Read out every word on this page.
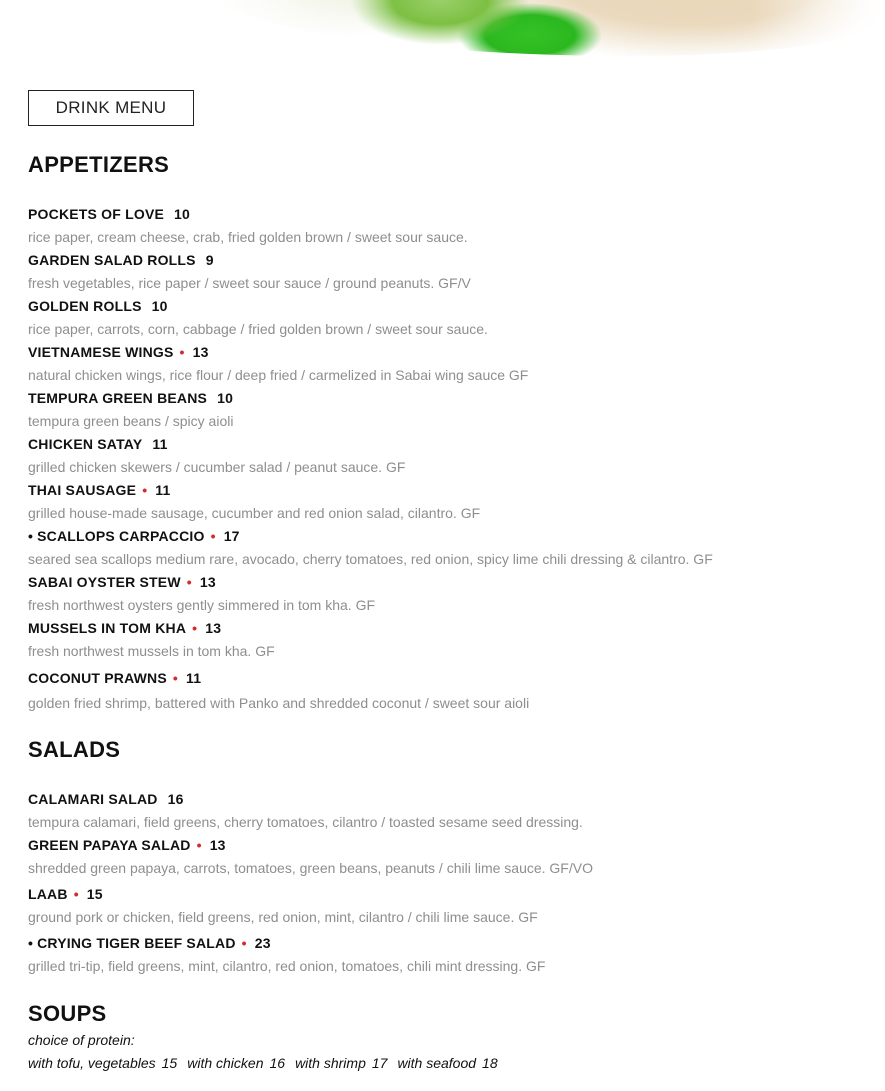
DRINK MENU
APPETIZERS
POCKETS OF LOVE 10
rice paper, cream cheese, crab, fried golden brown / sweet sour sauce.
GARDEN SALAD ROLLS 9
fresh vegetables, rice paper / sweet sour sauce / ground peanuts. GF/V
GOLDEN ROLLS 10
rice paper, carrots, corn, cabbage / fried golden brown / sweet sour sauce.
VIETNAMESE WINGS • 13
natural chicken wings, rice flour / deep fried / carmelized in Sabai wing sauce GF
TEMPURA GREEN BEANS 10
tempura green beans / spicy aioli
CHICKEN SATAY 11
grilled chicken skewers / cucumber salad / peanut sauce. GF
THAI SAUSAGE • 11
grilled house-made sausage, cucumber and red onion salad, cilantro. GF
• SCALLOPS CARPACCIO • 17
seared sea scallops medium rare, avocado, cherry tomatoes, red onion, spicy lime chili dressing & cilantro. GF
SABAI OYSTER STEW • 13
fresh northwest oysters gently simmered in tom kha. GF
MUSSELS IN TOM KHA • 13
fresh northwest mussels in tom kha. GF
COCONUT PRAWNS • 11
golden fried shrimp, battered with Panko and shredded coconut / sweet sour aioli
SALADS
CALAMARI SALAD 16
tempura calamari, field greens, cherry tomatoes, cilantro / toasted sesame seed dressing.
GREEN PAPAYA SALAD • 13
shredded green papaya, carrots, tomatoes, green beans, peanuts / chili lime sauce. GF/VO
LAAB • 15
ground pork or chicken, field greens, red onion, mint, cilantro / chili lime sauce. GF
• CRYING TIGER BEEF SALAD • 23
grilled tri-tip, field greens, mint, cilantro, red onion, tomatoes, chili mint dressing. GF
SOUPS
choice of protein:
with tofu, vegetables 15 with chicken 16 with shrimp 17 with seafood 18
